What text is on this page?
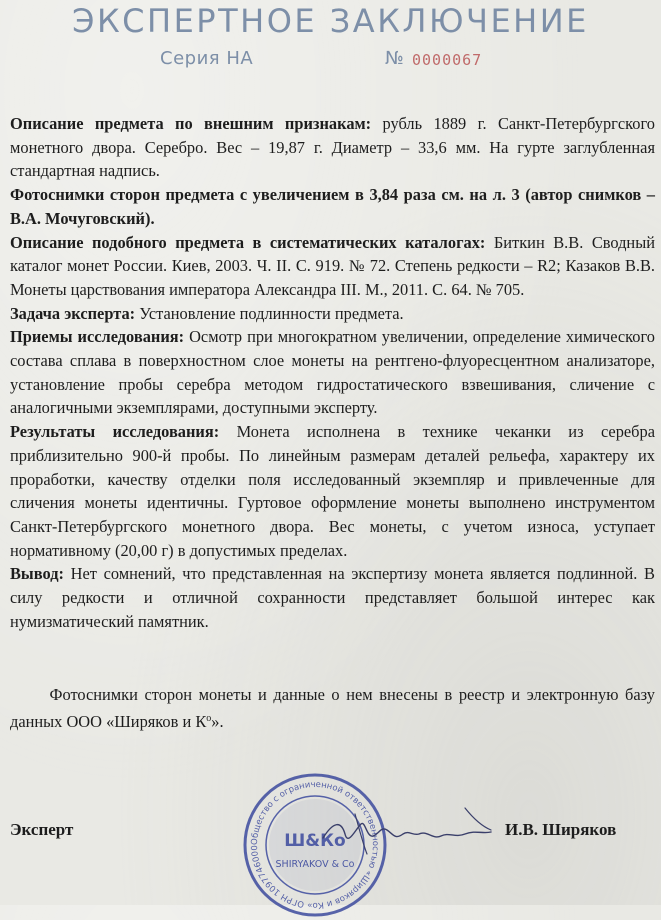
ЭКСПЕРТНОЕ ЗАКЛЮЧЕНИЕ
Серия НА	№ 0000067

Описание предмета по внешним признакам: рубль 1889 г. Санкт-Петербургского монетного двора. Серебро. Вес – 19,87 г. Диаметр – 33,6 мм. На гурте заглубленная стандартная надпись.

Фотоснимки сторон предмета с увеличением в 3,84 раза см. на л. 3 (автор снимков – В.А. Мочуговский).

Описание подобного предмета в систематических каталогах: Биткин В.В. Сводный каталог монет России. Киев, 2003. Ч. II. С. 919. № 72. Степень редкости – R2; Казаков В.В. Монеты царствования императора Александра III. М., 2011. С. 64. № 705.

Задача эксперта: Установление подлинности предмета.

Приемы исследования: Осмотр при многократном увеличении, определение химического состава сплава в поверхностном слое монеты на рентгено-флуоресцентном анализаторе, установление пробы серебра методом гидростатического взвешивания, сличение с аналогичными экземплярами, доступными эксперту.

Результаты исследования: Монета исполнена в технике чеканки из серебра приблизительно 900-й пробы. По линейным размерам деталей рельефа, характеру их проработки, качеству отделки поля исследованный экземпляр и привлеченные для сличения монеты идентичны. Гуртовое оформление монеты выполнено инструментом Санкт-Петербургского монетного двора. Вес монеты, с учетом износа, уступает нормативному (20,00 г) в допустимых пределах.

Вывод: Нет сомнений, что представленная на экспертизу монета является подлинной. В силу редкости и отличной сохранности представляет большой интерес как нумизматический памятник.

Фотоснимки сторон монеты и данные о нем внесены в реестр и электронную базу данных ООО «Ширяков и $К^о$».

Эксперт
Общество с ограниченной ответственностью «Ширяков и Ко» ОГРН 1097746000	Ш&Ко
SHIRYAKOV & Co
И.В. Ширяков
